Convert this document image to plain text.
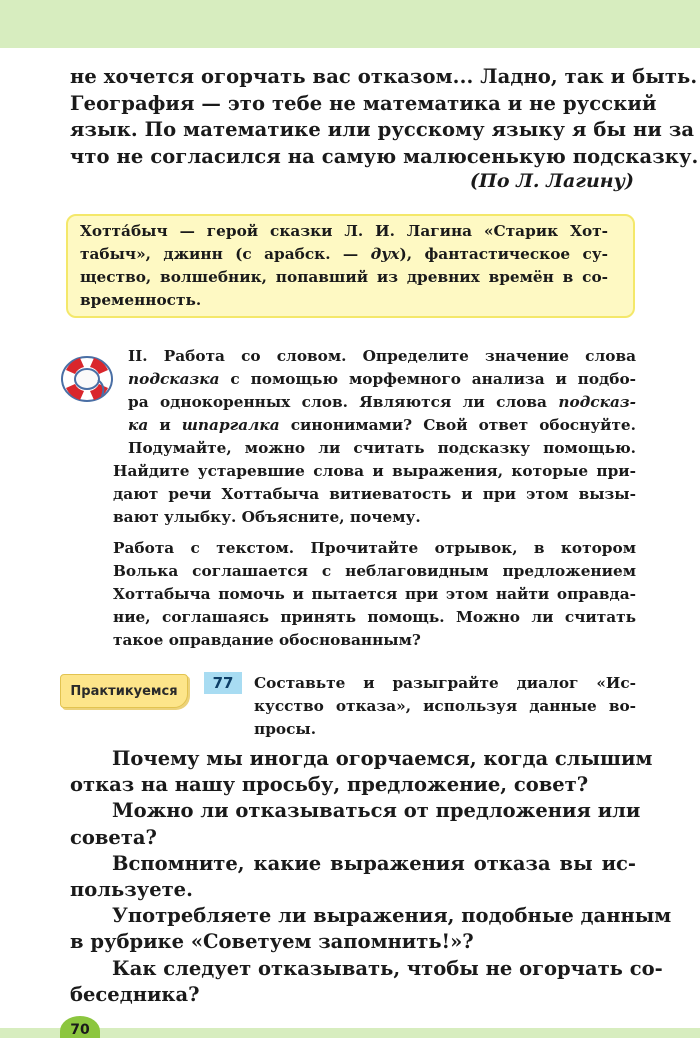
не хочется огорчать вас отказом... Ладно, так и быть.
География — это тебе не математика и не русский
язык. По математике или русскому языку я бы ни за
что не согласился на самую малюсенькую подсказку.
(По Л. Лагину)
Хотта́быч — герой сказки Л. И. Лагина «Старик Хот-
табыч», джинн (с арабск. — дух), фантастическое су-
щество, волшебник, попавший из древних времён в со-
временность.
II. Работа со словом. Определите значение слова
подсказка с помощью морфемного анализа и подбо-
ра однокоренных слов. Являются ли слова подсказ-
ка и шпаргалка синонимами? Свой ответ обоснуйте.
Подумайте, можно ли считать подсказку помощью.
Найдите устаревшие слова и выражения, которые при-
дают речи Хоттабыча витиеватость и при этом вызы-
вают улыбку. Объясните, почему.
Работа с текстом. Прочитайте отрывок, в котором
Волька соглашается с неблаговидным предложением
Хоттабыча помочь и пытается при этом найти оправда-
ние, соглашаясь принять помощь. Можно ли считать
такое оправдание обоснованным?
Практикуемся	77	Составьте и разыграйте диалог «Ис-
кусство отказа», используя данные во-
просы.
Почему мы иногда огорчаемся, когда слышим
отказ на нашу просьбу, предложение, совет?
Можно ли отказываться от предложения или
совета?
Вспомните, какие выражения отказа вы ис-
пользуете.
Употребляете ли выражения, подобные данным
в рубрике «Советуем запомнить!»?
Как следует отказывать, чтобы не огорчать со-
беседника?
70
